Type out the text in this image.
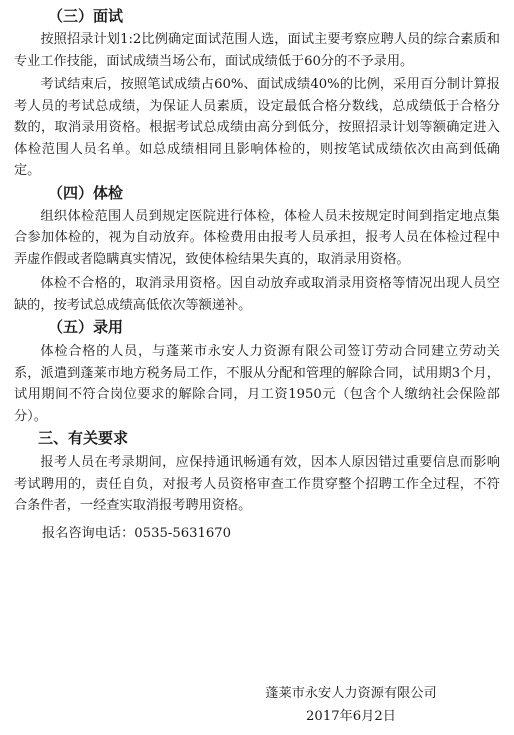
（三）面试

按照招录计划1:2比例确定面试范围人选，面试主要考察应聘人员的综合素质和专业工作技能，面试成绩当场公布，面试成绩低于60分的不予录用。

考试结束后，按照笔试成绩占60%、面试成绩40%的比例，采用百分制计算报考人员的考试总成绩，为保证人员素质，设定最低合格分数线，总成绩低于合格分数的，取消录用资格。根据考试总成绩由高分到低分，按照招录计划等额确定进入体检范围人员名单。如总成绩相同且影响体检的，则按笔试成绩依次由高到低确定。

（四）体检

组织体检范围人员到规定医院进行体检，体检人员未按规定时间到指定地点集合参加体检的，视为自动放弃。体检费用由报考人员承担，报考人员在体检过程中弄虚作假或者隐瞒真实情况，致使体检结果失真的，取消录用资格。

体检不合格的，取消录用资格。因自动放弃或取消录用资格等情况出现人员空缺的，按考试总成绩高低依次等额递补。

（五）录用

体检合格的人员，与蓬莱市永安人力资源有限公司签订劳动合同建立劳动关系，派遣到蓬莱市地方税务局工作，不服从分配和管理的解除合同，试用期3个月，试用期间不符合岗位要求的解除合同，月工资1950元（包含个人缴纳社会保险部分）。

三、有关要求

报考人员在考录期间，应保持通讯畅通有效，因本人原因错过重要信息而影响考试聘用的，责任自负，对报考人员资格审查工作贯穿整个招聘工作全过程，不符合条件者，一经查实取消报考聘用资格。

报名咨询电话：0535-5631670
蓬莱市永安人力资源有限公司
2017年6月2日
